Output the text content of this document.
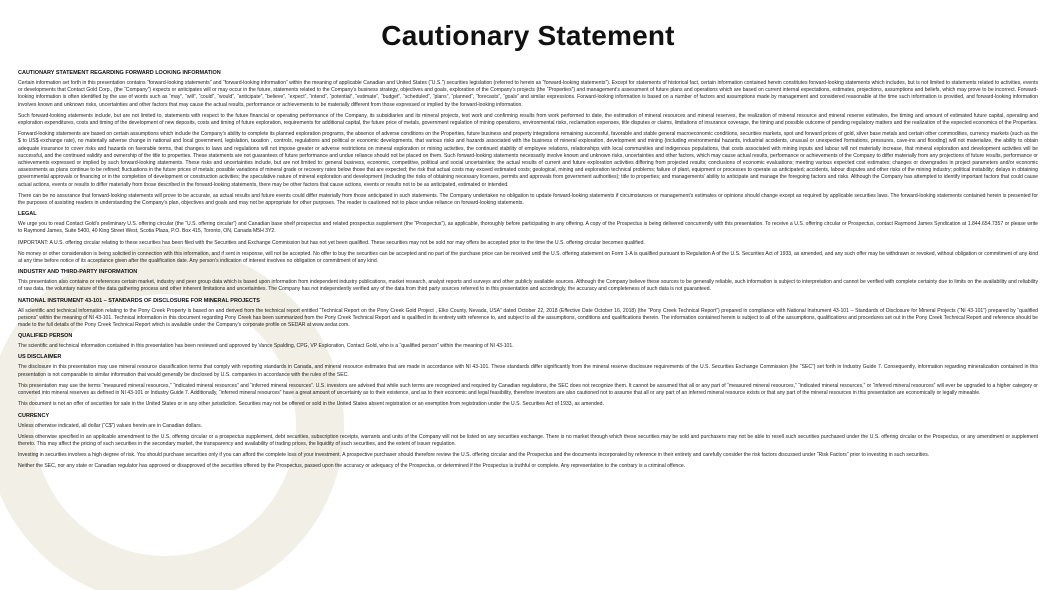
Cautionary Statement
CAUTIONARY STATEMENT REGARDING FORWARD LOOKING INFORMATION

Certain information set forth in this presentation contains “forward-looking statements” and “forward-looking information” within the meaning of applicable Canadian and United States (“U.S.”) securities legislation (referred to herein as “forward-looking statements”). Except for statements of historical fact, certain information contained herein constitutes forward-looking statements which includes, but is not limited to statements related to activities, events or developments that Contact Gold Corp., (the “Company”) expects or anticipates will or may occur in the future, statements related to the Company’s business strategy, objectives and goals, exploration of the Company’s projects (the “Properties”) and management’s assessment of future plans and operations which are based on current internal expectations, estimates, projections, assumptions and beliefs, which may prove to be incorrect. Forward-looking information is often identified by the use of words such as “may”, “will”, “could”, “would”, “anticipate”, “believe”, “expect”, “intend”, “potential”, “estimate”, “budget”, “scheduled”, “plans”, “planned”, “forecasts”, “goals” and similar expressions. Forward-looking information is based on a number of factors and assumptions made by management and considered reasonable at the time such information is provided, and forward-looking information involves known and unknown risks, uncertainties and other factors that may cause the actual results, performance or achievements to be materially different from those expressed or implied by the forward-looking information.

Such forward-looking statements include, but are not limited to, statements with respect to the future financial or operating performance of the Company, its subsidiaries and its mineral projects, test work and confirming results from work performed to date, the estimation of mineral resources and mineral reserves, the realization of mineral resource and mineral reserve estimates, the timing and amount of estimated future capital, operating and exploration expenditures, costs and timing of the development of new deposits, costs and timing of future exploration, requirements for additional capital, the future price of metals, government regulation of mining operations, environmental risks, reclamation expenses, title disputes or claims, limitations of insurance coverage, the timing and possible outcome of pending regulatory matters and the realization of the expected economics of the Properties.

Forward-looking statements are based on certain assumptions which include the Company’s ability to complete its planned exploration programs, the absence of adverse conditions on the Properties, future business and property integrations remaining successful, favorable and stable general macroeconomic conditions, securities markets, spot and forward prices of gold, silver base metals and certain other commodities, currency markets (such as the $ to US$ exchange rate), no materially adverse change in national and local government, legislation, taxation , controls, regulations and political or economic developments, that various risks and hazards associated with the business of mineral exploration, development and mining (including environmental hazards, industrial accidents, unusual or unexpected formations, pressures, cave-ins and flooding) will not materialize, the ability to obtain adequate insurance to cover risks and hazards on favorable terms, that changes to laws and regulations will not impose greater or adverse restrictions on mineral exploration or mining activities, the continued stability of employee relations, relationships with local communities and indigenous populations, that costs associated with mining inputs and labour will not materially increase, that mineral exploration and development activities will be successful, and the continued validity and ownership of the title to properties. These statements are not guarantees of future performance and undue reliance should not be placed on them. Such forward-looking statements necessarily involve known and unknown risks, uncertainties and other factors, which may cause actual results, performance or achievements of the Company to differ materially from any projections of future results, performance or achievements expressed or implied by such forward-looking statements. These risks and uncertainties include, but are not limited to: general business, economic, competitive, political and social uncertainties; the actual results of current and future exploration activities differing from projected results; conclusions of economic evaluations; meeting various expected cost estimates; changes or downgrades in project parameters and/or economic assessments as plans continue to be refined; fluctuations in the future prices of metals; possible variations of mineral grade or recovery rates below those that are expected; the risk that actual costs may exceed estimated costs; geological, mining and exploration technical problems; failure of plant, equipment or processes to operate as anticipated; accidents, labour disputes and other risks of the mining industry; political instability; delays in obtaining governmental approvals or financing or in the completion of development or construction activities; the speculative nature of mineral exploration and development (including the risks of obtaining necessary licenses, permits and approvals from government authorities); title to properties; and managements’ ability to anticipate and manage the foregoing factors and risks. Although the Company has attempted to identify important factors that could cause actual actions, events or results to differ materially from those described in the forward-looking statements, there may be other factors that cause actions, events or results not to be as anticipated, estimated or intended.

There can be no assurance that forward-looking statements will prove to be accurate, as actual results and future events could differ materially from those anticipated in such statements. The Company undertakes no obligation to update forward-looking statements if circumstances or management’s estimates or opinions should change except as required by applicable securities laws. The forward-looking statements contained herein is presented for the purposes of assisting readers in understanding the Company’s plan, objectives and goals and may not be appropriate for other purposes. The reader is cautioned not to place undue reliance on forward-looking statements.

LEGAL

We urge you to read Contact Gold’s preliminary U.S. offering circular (the “U.S. offering circular”) and Canadian base shelf prospectus and related prospectus supplement (the “Prospectus”), as applicable, thoroughly before participating in any offering. A copy of the Prospectus is being delivered concurrently with this presentation. To receive a U.S. offering circular or Prospectus, contact Raymond James Syndication at 1.844.654.7357 or please write to Raymond James, Suite 5400, 40 King Street West, Scotia Plaza, P.O. Box 415, Toronto, ON, Canada M5H 3Y2.

IMPORTANT: A U.S. offering circular relating to these securities has been filed with the Securities and Exchange Commission but has not yet been qualified. These securities may not be sold nor may offers be accepted prior to the time the U.S. offering circular becomes qualified.

No money or other consideration is being solicited in connection with this information, and if sent in response, will not be accepted. No offer to buy the securities can be accepted and no part of the purchase price can be received until the U.S. offering statement on Form 1-A is qualified pursuant to Regulation A of the U.S. Securities Act of 1933, as amended, and any such offer may be withdrawn or revoked, without obligation or commitment of any kind at any time before notice of its acceptance given after the qualification date. Any person’s indication of interest involves no obligation or commitment of any kind.

INDUSTRY AND THIRD-PARTY INFORMATION

This presentation also contains or references certain market, industry and peer group data which is based upon information from independent industry publications, market research, analyst reports and surveys and other publicly available sources. Although the Company believe these sources to be generally reliable, such information is subject to interpretation and cannot be verified with complete certainty due to limits on the availability and reliability of raw data, the voluntary nature of the data gathering process and other inherent limitations and uncertainties. The Company has not independently verified any of the data from third party sources referred to in this presentation and accordingly, the accuracy and completeness of such data is not guaranteed.

NATIONAL INSTRUMENT 43-101 – STANDARDS OF DISCLOSURE FOR MINERAL PROJECTS

All scientific and technical information relating to the Pony Creek Property is based on and derived from the technical report entitled “Technical Report on the Pony Creek Gold Project , Elko County, Nevada, USA” dated October 22, 2018 (Effective Date October 16, 2018) (the “Pony Creek Technical Report”) prepared in compliance with National Instrument 43-101 – Standards of Disclosure for Mineral Projects (“NI 43-101”) prepared by “qualified persons” within the meaning of NI 43-101. Technical information in this document regarding Pony Creek has been summarized from the Pony Creek Technical Report and is qualified in its entirety with reference to, and subject to all the assumptions, conditions and qualifications therein. The information contained herein is subject to all of the assumptions, qualifications and procedures set out in the Pony Creek Technical Report and reference should be made to the full details of the Pony Creek Technical Report which is available under the Company’s corporate profile on SEDAR at www.sedar.com.

QUALIFIED PERSON

The scientific and technical information contained in this presentation has been reviewed and approved by Vance Spalding, CPG, VP Exploration, Contact Gold, who is a “qualified person” within the meaning of NI 43-101.

US DISCLAIMER

The disclosure in this presentation may use mineral resource classification terms that comply with reporting standards in Canada, and mineral resource estimates that are made in accordance with NI 43-101. These standards differ significantly from the mineral reserve disclosure requirements of the U.S. Securities Exchange Commission (the “SEC”) set forth in Industry Guide 7. Consequently, information regarding mineralization contained in this presentation is not comparable to similar information that would generally be disclosed by U.S. companies in accordance with the rules of the SEC.

This presentation may use the terms “measured mineral resources,” “indicated mineral resources” and “inferred mineral resources”. U.S. investors are advised that while such terms are recognized and required by Canadian regulations, the SEC does not recognize them. It cannot be assumed that all or any part of “measured mineral resources,” “indicated mineral resources,” or “inferred mineral resources” will ever be upgraded to a higher category or converted into mineral reserves as defined in NI 43-101 or Industry Guide 7. Additionally, “inferred mineral resources” have a great amount of uncertainty as to their existence, and as to their economic and legal feasibility, therefore investors are also cautioned not to assume that all or any part of an inferred mineral resource exists or that any part of the mineral resources in this presentation are economically or legally mineable.

This document is not an offer of securities for sale in the United States or in any other jurisdiction. Securities may not be offered or sold in the United States absent registration or an exemption from registration under the U.S. Securities Act of 1933, as amended.

CURRENCY

Unless otherwise indicated, all dollar (“C$”) values herein are in Canadian dollars.

Unless otherwise specified in an applicable amendment to the U.S. offering circular or a prospectus supplement, debt securities, subscription receipts, warrants and units of the Company will not be listed on any securities exchange. There is no market through which these securities may be sold and purchasers may not be able to resell such securities purchased under the U.S. offering circular or the Prospectus, or any amendment or supplement thereto. This may affect the pricing of such securities in the secondary market, the transparency and availability of trading prices, the liquidity of such securities, and the extent of issuer regulation.

Investing in securities involves a high degree of risk. You should purchase securities only if you can afford the complete loss of your investment. A prospective purchaser should therefore review the U.S. offering circular and the Prospectus and the documents incorporated by reference in their entirety and carefully consider the risk factors discussed under “Risk Factors” prior to investing in such securities.

Neither the SEC, nor any state or Canadian regulator has approved or disapproved of the securities offered by the Prospectus, passed upon the accuracy or adequacy of the Prospectus, or determined if the Prospectus is truthful or complete. Any representation to the contrary is a criminal offence.
